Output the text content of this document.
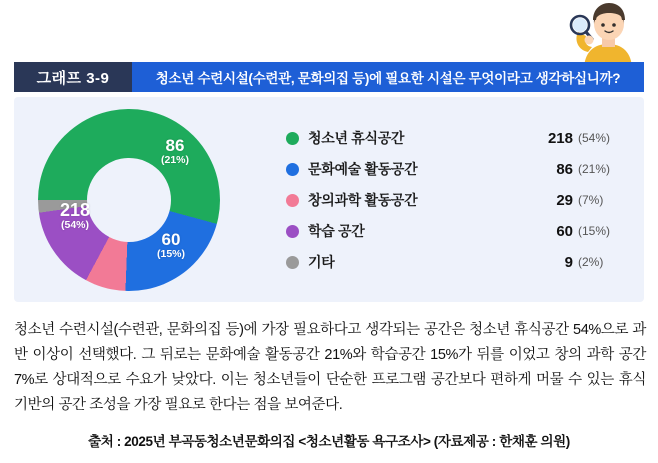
그래프 3-9	청소년 수련시설(수련관, 문화의집 등)에 필요한 시설은 무엇이라고 생각하십니까?
218
(54%)
86
(21%)
60
(15%)
청소년 휴식공간	218 (54%)
문화예술 활동공간	86 (21%)
창의과학 활동공간	29 (7%)
학습 공간	60 (15%)
기타	9 (2%)
청소년 수련시설(수련관, 문화의집 등)에 가장 필요하다고 생각되는 공간은 청소년 휴식공간 54%으로 과반 이상이 선택했다. 그 뒤로는 문화예술 활동공간 21%와 학습공간 15%가 뒤를 이었고 창의 과학 공간 7%로 상대적으로 수요가 낮았다. 이는 청소년들이 단순한 프로그램 공간보다 편하게 머물 수 있는 휴식 기반의 공간 조성을 가장 필요로 한다는 점을 보여준다.
출처 : 2025년 부곡동청소년문화의집 <청소년활동 욕구조사> (자료제공 : 한채훈 의원)
